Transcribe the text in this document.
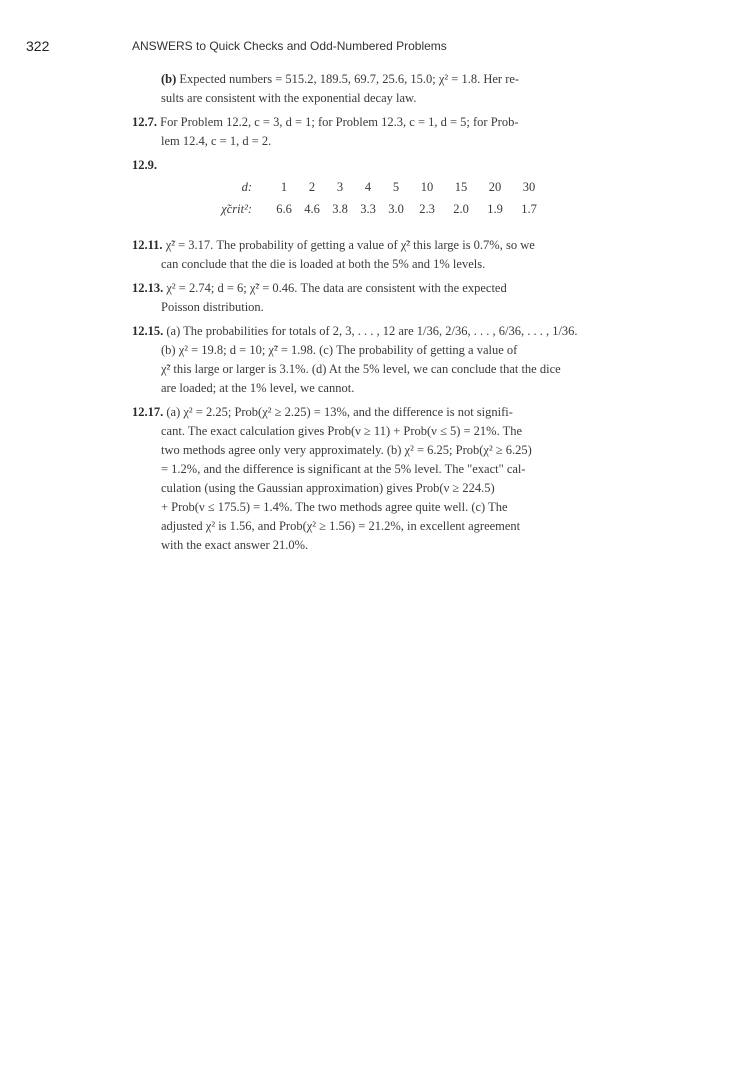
322	ANSWERS to Quick Checks and Odd-Numbered Problems
(b) Expected numbers = 515.2, 189.5, 69.7, 25.6, 15.0; χ² = 1.8. Her re-
sults are consistent with the exponential decay law.
12.7. For Problem 12.2, c = 3, d = 1; for Problem 12.3, c = 1, d = 5; for Prob-
lem 12.4, c = 1, d = 2.
12.9.
d:	1	2	3	4	5	10	15	20	30
χ̃crit²:	6.6 4.6 3.8 3.3 3.0	2.3	2.0	1.9	1.7
12.11. χ̃² = 3.17. The probability of getting a value of χ̃² this large is 0.7%, so we
can conclude that the die is loaded at both the 5% and 1% levels.
12.13. χ² = 2.74; d = 6; χ̃² = 0.46. The data are consistent with the expected
Poisson distribution.
12.15. (a) The probabilities for totals of 2, 3, . . . , 12 are 1/36, 2/36, . . . , 6/36, . . . , 1/36.
(b) χ² = 19.8; d = 10; χ̃² = 1.98. (c) The probability of getting a value of
χ̃² this large or larger is 3.1%. (d) At the 5% level, we can conclude that the dice
are loaded; at the 1% level, we cannot.
12.17. (a) χ² = 2.25; Prob(χ² ≥ 2.25) = 13%, and the difference is not signifi-
cant. The exact calculation gives Prob(ν ≥ 11) + Prob(ν ≤ 5) = 21%. The
two methods agree only very approximately. (b) χ² = 6.25; Prob(χ² ≥ 6.25)
= 1.2%, and the difference is significant at the 5% level. The "exact" cal-
culation (using the Gaussian approximation) gives Prob(ν ≥ 224.5)
+ Prob(ν ≤ 175.5) = 1.4%. The two methods agree quite well. (c) The
adjusted χ² is 1.56, and Prob(χ² ≥ 1.56) = 21.2%, in excellent agreement
with the exact answer 21.0%.
